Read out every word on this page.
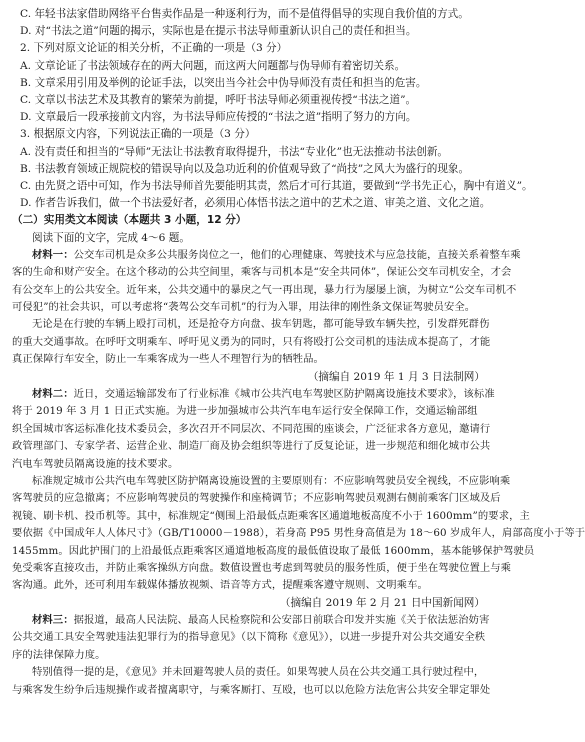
C. 年轻书法家借助网络平台售卖作品是一种逐利行为，而不是值得倡导的实现自我价值的方式。
D. 对“书法之道”问题的揭示，实际也是在提示书法导师重新认识自己的责任和担当。
2. 下列对原文论证的相关分析，不正确的一项是（3 分）
A. 文章论证了书法领域存在的两大问题，而这两大问题都与伪导师有着密切关系。
B. 文章采用引用及举例的论证手法，以突出当今社会中伪导师没有责任和担当的危害。
C. 文章以书法艺术及其教育的繁荣为前提，呼吁书法导师必须重视传授“书法之道”。
D. 文章最后一段承接前文内容，为书法导师应传授的“书法之道”指明了努力的方向。
3. 根据原文内容，下列说法正确的一项是（3 分）
A. 没有责任和担当的“导师”无法让书法教育取得提升，书法“专业化”也无法推动书法创新。
B. 书法教育领域正规院校的错误导向以及急功近利的价值观导致了“尚技”之风大为盛行的现象。
C. 由先贤之语中可知，作为书法导师首先要能明其责，然后才可行其道，要做到“学书先正心，胸中有道义”。
D. 作者告诉我们，做一个书法爱好者，必须用心体悟书法之道中的艺术之道、审美之道、文化之道。
（二）实用类文本阅读（本题共 3 小题，12 分）
阅读下面的文字，完成 4～6 题。
材料一：公交车司机是众多公共服务岗位之一，他们的心理健康、驾驶技术与应急技能，直接关系着整车乘
客的生命和财产安全。在这个移动的公共空间里，乘客与司机本是“安全共同体”，保证公交车司机安全，才会
有公交车上的公共安全。近年来，公共交通中的暴戾之气一再出现，暴力行为屡屡上演，为树立“公交车司机不
可侵犯”的社会共识，可以考虑将“袭驾公交车司机”的行为入罪，用法律的刚性条文保证驾驶员安全。
无论是在行驶的车辆上殴打司机，还是抢夺方向盘、拔车钥匙，都可能导致车辆失控，引发群死群伤
的重大交通事故。在呼吁文明乘车、呼吁见义勇为的同时，只有将殴打公交司机的违法成本提高了，才能
真正保障行车安全，防止一车乘客成为一些人不理智行为的牺牲品。
（摘编自 2019 年 1 月 3 日法制网）
材料二：近日，交通运输部发布了行业标准《城市公共汽电车驾驶区防护隔离设施技术要求》，该标准
将于 2019 年 3 月 1 日正式实施。为进一步加强城市公共汽车电车运行安全保障工作，交通运输部组
织全国城市客运标准化技术委员会，多次召开不同层次、不同范围的座谈会，广泛征求各方意见，邀请行
政管理部门、专家学者、运营企业、制造厂商及协会组织等进行了反复论证，进一步规范和细化城市公共
汽电车驾驶员隔离设施的技术要求。
标准规定城市公共汽电车驾驶区防护隔离设施设置的主要原则有：不应影响驾驶员安全视线，不应影响乘
客驾驶员的应急撤离；不应影响驾驶员的驾驶操作和座椅调节；不应影响驾驶员观测右侧前乘客门区域及后
视镜、刷卡机、投币机等。其中，标准规定“侧围上沿最低点距乘客区通道地板高度不小于 1600mm”的要求，主
要依据《中国成年人人体尺寸》（GB/T10000－1988），若身高 P95 男性身高值是为 18～60 岁成年人，肩部高度小于等于
1455mm。因此护围门的上沿最低点距乘客区通道地板高度的最低值设取了最低 1600mm，基本能够保护驾驶员
免受乘客直接攻击，并防止乘客操纵方向盘。数值设置也考虑到驾驶员的服务性质，便于坐在驾驶位置上与乘
客沟通。此外，还可利用车载媒体播放视频、语音等方式，提醒乘客遵守规则、文明乘车。
（摘编自 2019 年 2 月 21 日中国新闻网）
材料三：据报道，最高人民法院、最高人民检察院和公安部日前联合印发并实施《关于依法惩治妨害
公共交通工具安全驾驶违法犯罪行为的指导意见》（以下简称《意见》），以进一步提升对公共交通安全秩
序的法律保障力度。
特别值得一提的是，《意见》并未回避驾驶人员的责任。如果驾驶人员在公共交通工具行驶过程中，
与乘客发生纷争后违规操作或者擅离职守，与乘客厮打、互殴，也可以以危险方法危害公共安全罪定罪处
